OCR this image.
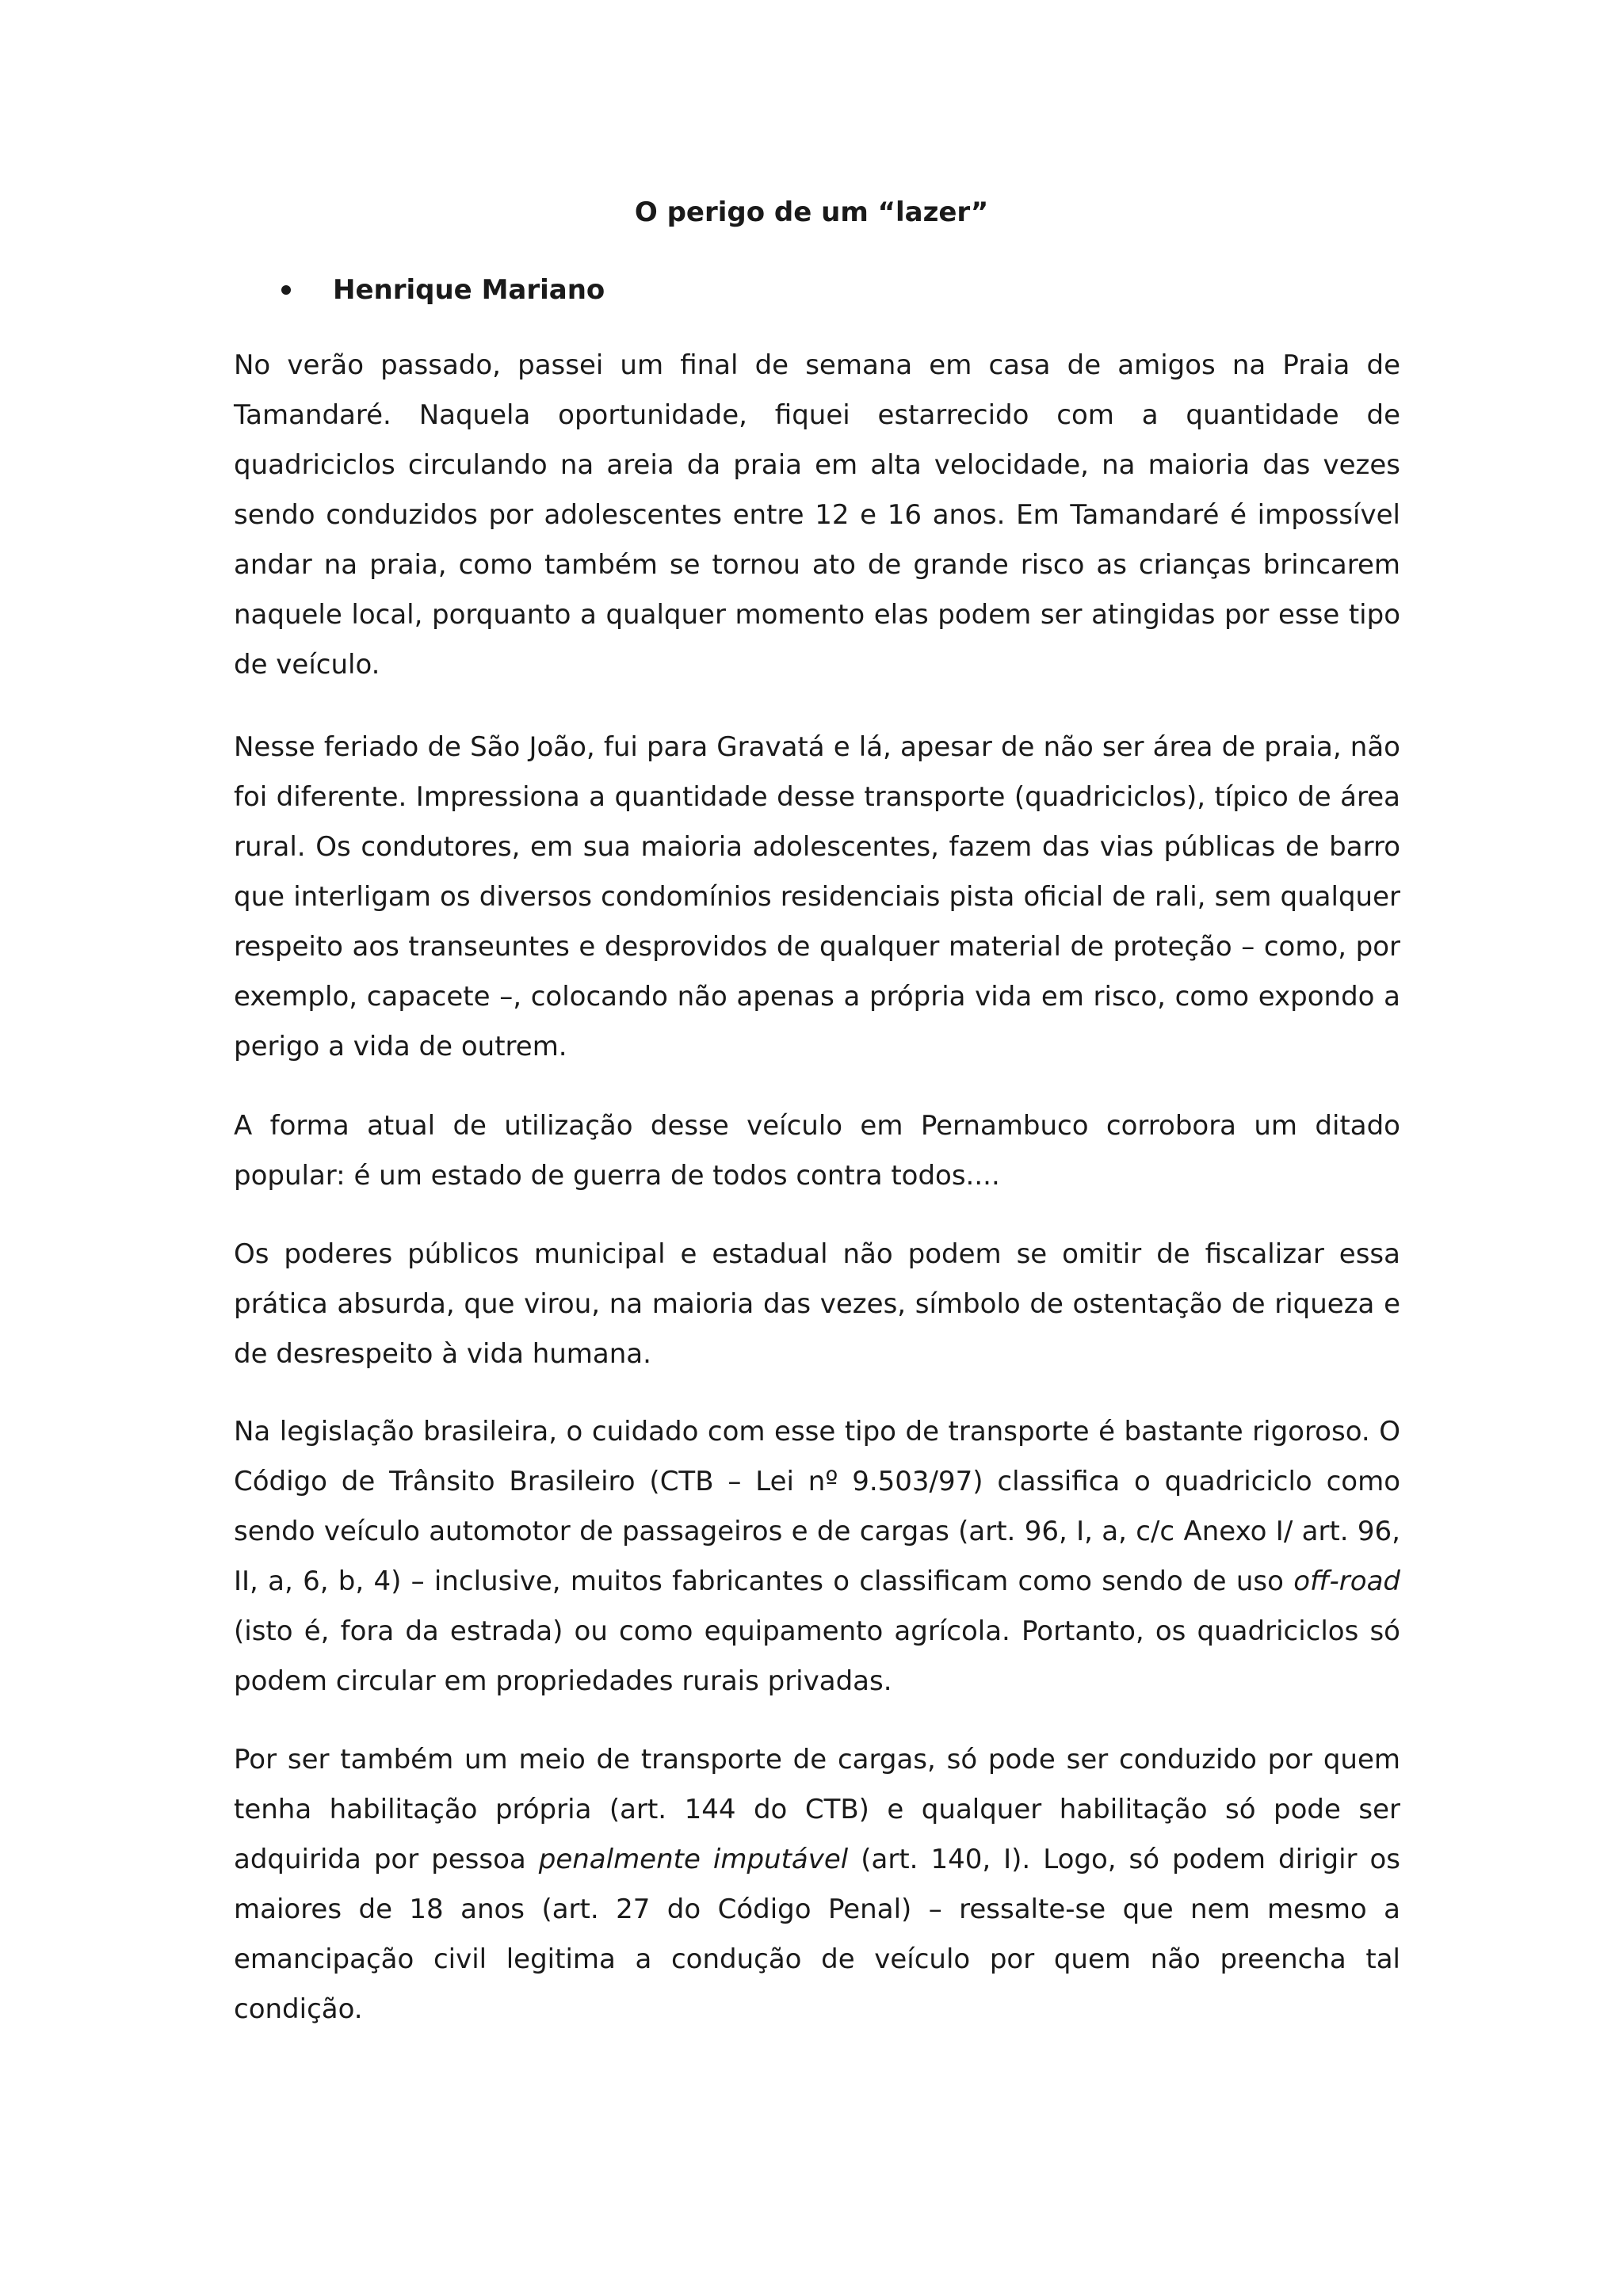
O perigo de um “lazer”
Henrique Mariano

No verão passado, passei um final de semana em casa de amigos na Praia de Tamandaré. Naquela oportunidade, fiquei estarrecido com a quantidade de quadriciclos circulando na areia da praia em alta velocidade, na maioria das vezes sendo conduzidos por adolescentes entre 12 e 16 anos. Em Tamandaré é impossível andar na praia, como também se tornou ato de grande risco as crianças brincarem naquele local, porquanto a qualquer momento elas podem ser atingidas por esse tipo de veículo.

Nesse feriado de São João, fui para Gravatá e lá, apesar de não ser área de praia, não foi diferente. Impressiona a quantidade desse transporte (quadriciclos), típico de área rural. Os condutores, em sua maioria adolescentes, fazem das vias públicas de barro que interligam os diversos condomínios residenciais pista oficial de rali, sem qualquer respeito aos transeuntes e desprovidos de qualquer material de proteção – como, por exemplo, capacete –, colocando não apenas a própria vida em risco, como expondo a perigo a vida de outrem.

A forma atual de utilização desse veículo em Pernambuco corrobora um ditado popular: é um estado de guerra de todos contra todos....

Os poderes públicos municipal e estadual não podem se omitir de fiscalizar essa prática absurda, que virou, na maioria das vezes, símbolo de ostentação de riqueza e de desrespeito à vida humana.

Na legislação brasileira, o cuidado com esse tipo de transporte é bastante rigoroso. O Código de Trânsito Brasileiro (CTB – Lei nº 9.503/97) classifica o quadriciclo como sendo veículo automotor de passageiros e de cargas (art. 96, I, a, c/c Anexo I/ art. 96, II, a, 6, b, 4) – inclusive, muitos fabricantes o classificam como sendo de uso off-road (isto é, fora da estrada) ou como equipamento agrícola. Portanto, os quadriciclos só podem circular em propriedades rurais privadas.

Por ser também um meio de transporte de cargas, só pode ser conduzido por quem tenha habilitação própria (art. 144 do CTB) e qualquer habilitação só pode ser adquirida por pessoa penalmente imputável (art. 140, I). Logo, só podem dirigir os maiores de 18 anos (art. 27 do Código Penal) – ressalte-se que nem mesmo a emancipação civil legitima a condução de veículo por quem não preencha tal condição.
